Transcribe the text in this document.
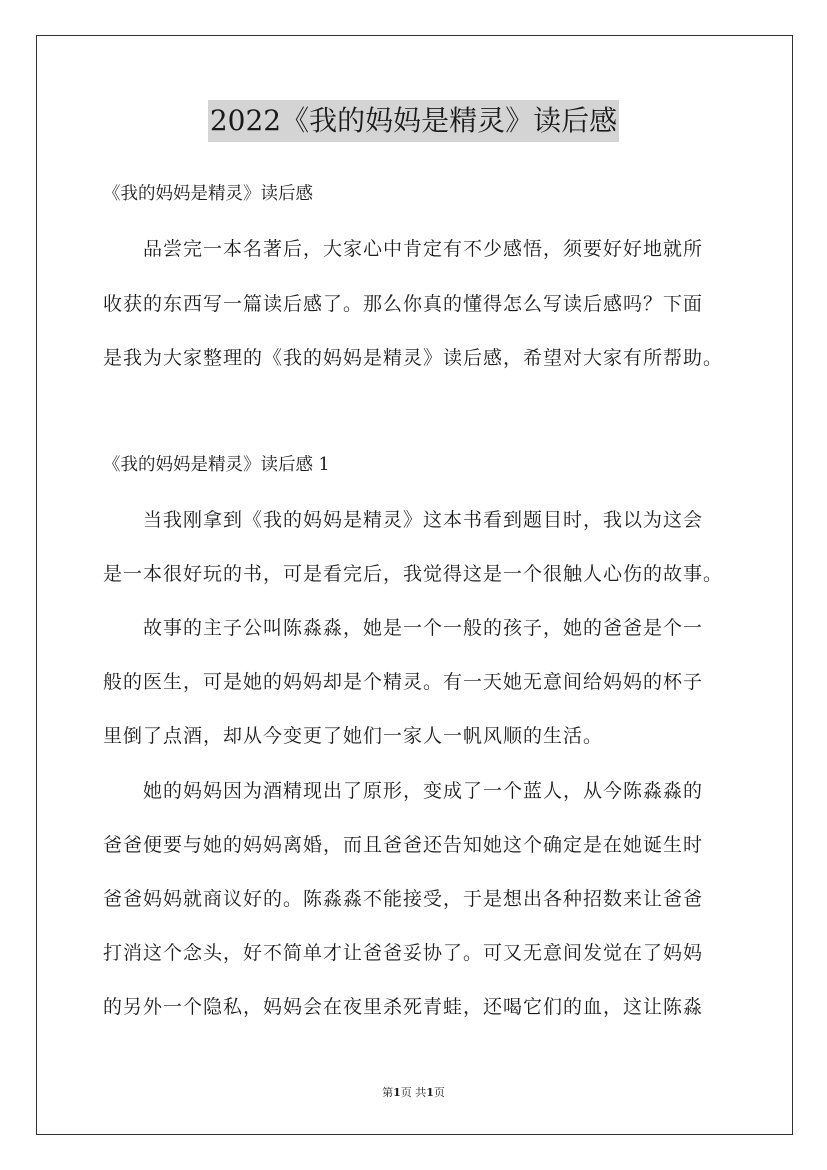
2022《我的妈妈是精灵》读后感
《我的妈妈是精灵》读后感
品尝完一本名著后，大家心中肯定有不少感悟，须要好好地就所
收获的东西写一篇读后感了。那么你真的懂得怎么写读后感吗？下面
是我为大家整理的《我的妈妈是精灵》读后感，希望对大家有所帮助。
《我的妈妈是精灵》读后感 1
当我刚拿到《我的妈妈是精灵》这本书看到题目时，我以为这会
是一本很好玩的书，可是看完后，我觉得这是一个很触人心伤的故事。
故事的主子公叫陈淼淼，她是一个一般的孩子，她的爸爸是个一
般的医生，可是她的妈妈却是个精灵。有一天她无意间给妈妈的杯子
里倒了点酒，却从今变更了她们一家人一帆风顺的生活。
她的妈妈因为酒精现出了原形，变成了一个蓝人，从今陈淼淼的
爸爸便要与她的妈妈离婚，而且爸爸还告知她这个确定是在她诞生时
爸爸妈妈就商议好的。陈淼淼不能接受，于是想出各种招数来让爸爸
打消这个念头，好不简单才让爸爸妥协了。可又无意间发觉在了妈妈
的另外一个隐私，妈妈会在夜里杀死青蛙，还喝它们的血，这让陈淼
第1页 共1页
